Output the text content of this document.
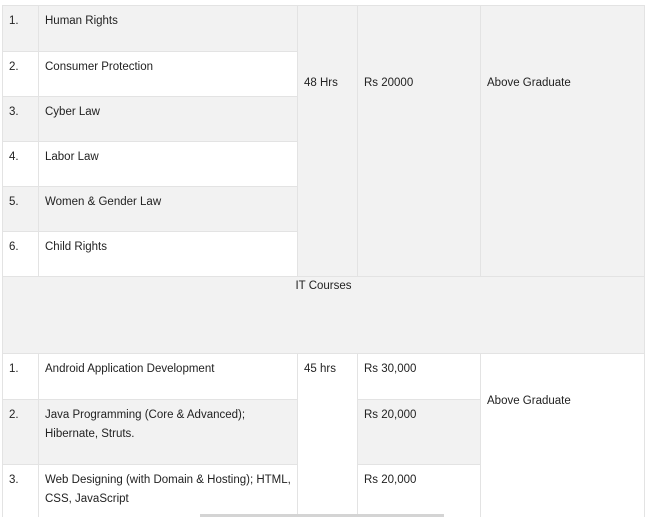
1.	Human Rights	48 Hrs	Rs 20000	Above Graduate

2.	Consumer Protection			

3.	Cyber Law			

4.	Labor Law			

5.	Women & Gender Law			

6.	Child Rights			

IT Courses				

1.	Android Application Development	45 hrs	Rs 30,000	Above Graduate

2.	Java Programming (Core & Advanced); Hibernate, Struts.		Rs 20,000	

3.	Web Designing (with Domain & Hosting); HTML, CSS, JavaScript		Rs 20,000	
